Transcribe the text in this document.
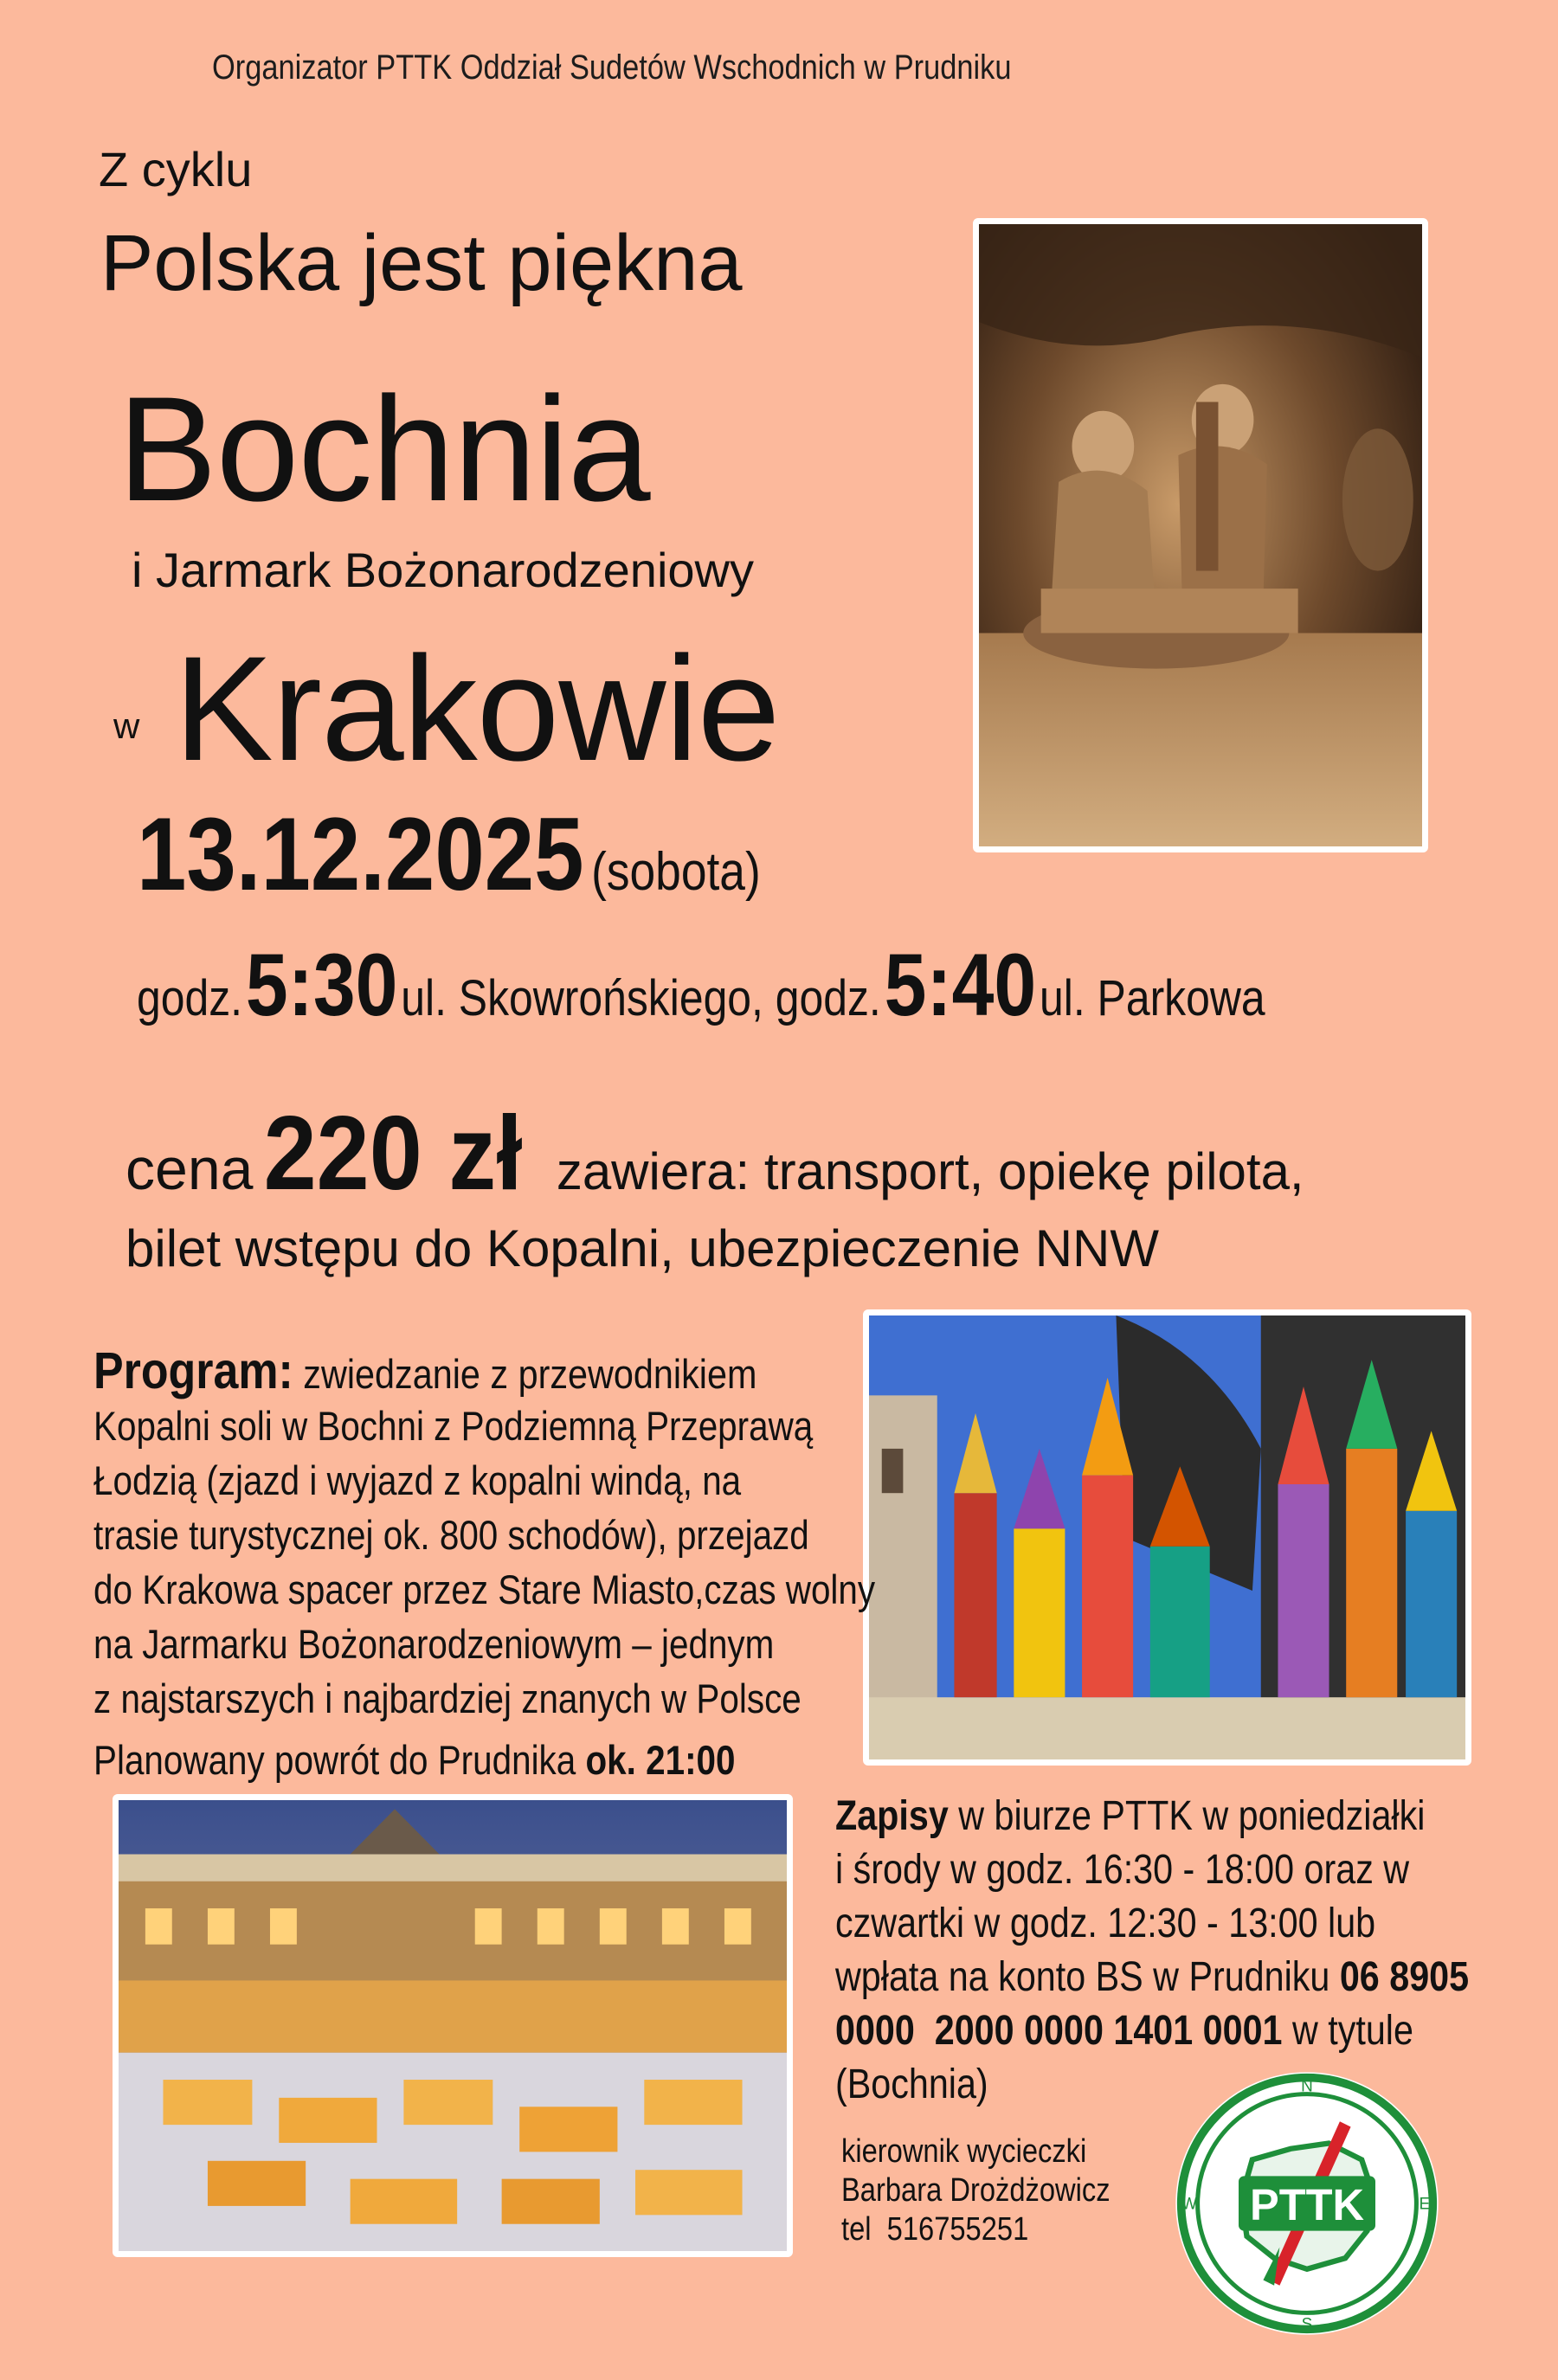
Organizator PTTK Oddział Sudetów Wschodnich w Prudniku
Z cyklu
Polska jest piękna
Bochnia
i Jarmark Bożonarodzeniowy
w Krakowie
13.12.2025 (sobota)
godz. 5:30 ul. Skowrońskiego, godz. 5:40 ul. Parkowa
cena 220 zł zawiera: transport, opiekę pilota,
bilet wstępu do Kopalni, ubezpieczenie NNW
Program: zwiedzanie z przewodnikiem
Kopalni soli w Bochni z Podziemną Przeprawą
Łodzią (zjazd i wyjazd z kopalni windą, na
trasie turystycznej ok. 800 schodów), przejazd
do Krakowa spacer przez Stare Miasto,czas wolny
na Jarmarku Bożonarodzeniowym – jednym
z najstarszych i najbardziej znanych w Polsce
Planowany powrót do Prudnika ok. 21:00
Zapisy w biurze PTTK w poniedziałki
i środy w godz. 16:30 - 18:00 oraz w
czwartki w godz. 12:30 - 13:00 lub
wpłata na konto BS w Prudniku 06 8905
0000  2000 0000 1401 0001 w tytule
(Bochnia)
kierownik wycieczki
Barbara Drożdżowicz
tel  516755251
PTTK
N
E
S
W
